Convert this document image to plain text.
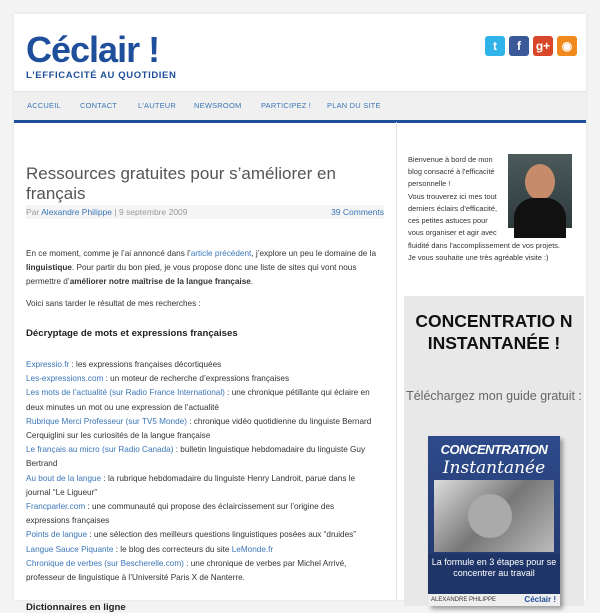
Céclair !
L'EFFICACITÉ AU QUOTIDIEN
t	f	g+ ◉
ACCUEIL	CONTACT	L'AUTEUR NEWSROOM	PARTICIPEZ ! PLAN DU SITE
Ressources gratuites pour s’améliorer en français
Par Alexandre Philippe | 9 septembre 2009	39 Comments
En ce moment, comme je l’ai annoncé dans l’article précédent, j’explore un peu le domaine de la linguistique. Pour partir du bon pied, je vous propose donc une liste de sites qui vont nous permettre d’améliorer notre maîtrise de la langue française.
Voici sans tarder le résultat de mes recherches :
Décryptage de mots et expressions françaises
Expressio.fr : les expressions françaises décortiquées
Les-expressions.com : un moteur de recherche d’expressions françaises
Les mots de l’actualité (sur Radio France International) : une chronique pétillante qui éclaire en
deux minutes un mot ou une expression de l’actualité
Rubrique Merci Professeur (sur TV5 Monde) : chronique vidéo quotidienne du linguiste Bernard
Cerquiglini sur les curiosités de la langue française
Le français au micro (sur Radio Canada) : bulletin linguistique hebdomadaire du linguiste Guy
Bertrand
Au bout de la langue : la rubrique hebdomadaire du linguiste Henry Landroit, parue dans le
journal “Le Ligueur”
Francparler.com : une communauté qui propose des éclaircissement sur l’origine des
expressions françaises
Points de langue : une sélection des meilleurs questions linguistiques posées aux “druides”
Langue Sauce Piquante : le blog des correcteurs du site LeMonde.fr
Chronique de verbes (sur Bescherelle.com) : une chronique de verbes par Michel Arrivé,
professeur de linguistique à l’Université Paris X de Nanterre.
Dictionnaires en ligne
Bienvenue à bord de mon
blog consacré à l’efficacité
personnelle !
Vous trouverez ici mes tout
derniers éclairs d’efficacité,
ces petites astuces pour
vous organiser et agir avec
fluidité dans l’accomplissement de vos projets.
Je vous souhaite une très agréable visite :)
CONCENTRATIO N INSTANTANÉE !
Téléchargez mon guide gratuit :
CONCENTRATION
Instantanée
La formule en 3 étapes pour se concentrer au travail
ALEXANDRE PHILIPPE	Céclair !
